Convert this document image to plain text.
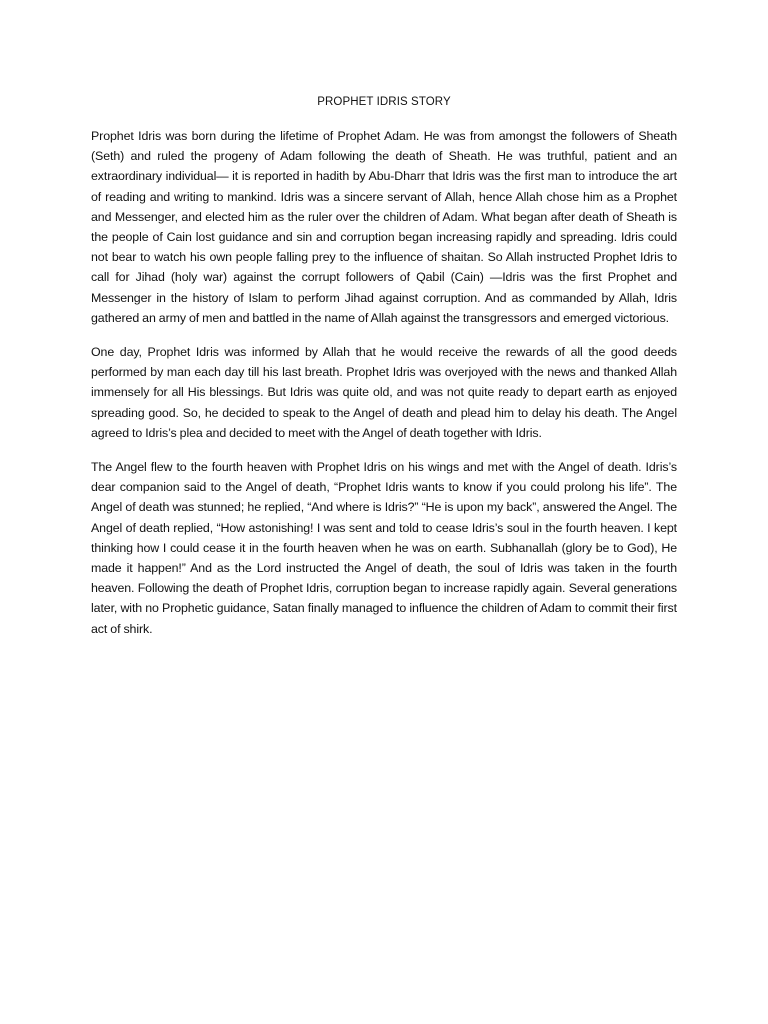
PROPHET IDRIS STORY

Prophet Idris was born during the lifetime of Prophet Adam. He was from amongst the followers of Sheath (Seth) and ruled the progeny of Adam following the death of Sheath. He was truthful, patient and an extraordinary individual— it is reported in hadith by Abu-Dharr that Idris was the first man to introduce the art of reading and writing to mankind. Idris was a sincere servant of Allah, hence Allah chose him as a Prophet and Messenger, and elected him as the ruler over the children of Adam. What began after death of Sheath is the people of Cain lost guidance and sin and corruption began increasing rapidly and spreading. Idris could not bear to watch his own people falling prey to the influence of shaitan. So Allah instructed Prophet Idris to call for Jihad (holy war) against the corrupt followers of Qabil (Cain) —Idris was the first Prophet and Messenger in the history of Islam to perform Jihad against corruption. And as commanded by Allah, Idris gathered an army of men and battled in the name of Allah against the transgressors and emerged victorious.

One day, Prophet Idris was informed by Allah that he would receive the rewards of all the good deeds performed by man each day till his last breath. Prophet Idris was overjoyed with the news and thanked Allah immensely for all His blessings. But Idris was quite old, and was not quite ready to depart earth as enjoyed spreading good. So, he decided to speak to the Angel of death and plead him to delay his death. The Angel agreed to Idris’s plea and decided to meet with the Angel of death together with Idris.

The Angel flew to the fourth heaven with Prophet Idris on his wings and met with the Angel of death. Idris’s dear companion said to the Angel of death, “Prophet Idris wants to know if you could prolong his life”. The Angel of death was stunned; he replied, “And where is Idris?” “He is upon my back”, answered the Angel. The Angel of death replied, “How astonishing! I was sent and told to cease Idris’s soul in the fourth heaven. I kept thinking how I could cease it in the fourth heaven when he was on earth. Subhanallah (glory be to God), He made it happen!” And as the Lord instructed the Angel of death, the soul of Idris was taken in the fourth heaven. Following the death of Prophet Idris, corruption began to increase rapidly again. Several generations later, with no Prophetic guidance, Satan finally managed to influence the children of Adam to commit their first act of shirk.
